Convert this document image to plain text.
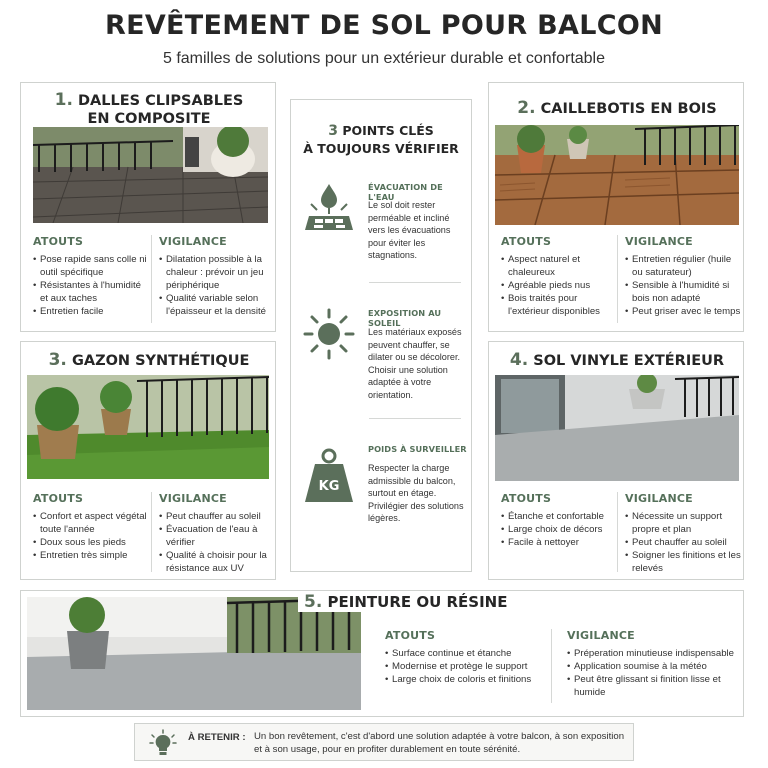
REVÊTEMENT DE SOL POUR BALCON
5 familles de solutions pour un extérieur durable et confortable
1. DALLES CLIPSABLES
EN COMPOSITE
ATOUTS
• Pose rapide sans colle ni outil spécifique
• Résistantes à l'humidité et aux taches
• Entretien facile
VIGILANCE
• Dilatation possible à la chaleur : prévoir un jeu périphérique
• Qualité variable selon l'épaisseur et la densité
2. CAILLEBOTIS EN BOIS
ATOUTS
• Aspect naturel et chaleureux
• Agréable pieds nus
• Bois traités pour l'extérieur disponibles
VIGILANCE
• Entretien régulier (huile ou saturateur)
• Sensible à l'humidité si bois non adapté
• Peut griser avec le temps
3. GAZON SYNTHÉTIQUE
ATOUTS
• Confort et aspect végétal toute l'année
• Doux sous les pieds
• Entretien très simple
VIGILANCE
• Peut chauffer au soleil
• Évacuation de l'eau à vérifier
• Qualité à choisir pour la résistance aux UV
4. SOL VINYLE EXTÉRIEUR
ATOUTS
• Étanche et confortable
• Large choix de décors
• Facile à nettoyer
VIGILANCE
• Nécessite un support propre et plan
• Peut chauffer au soleil
• Soigner les finitions et les relevés
3 POINTS CLÉS
À TOUJOURS VÉRIFIER
ÉVACUATION DE L'EAU

Le sol doit rester perméable et incliné vers les évacuations pour éviter les stagnations.

EXPOSITION AU SOLEIL

Les matériaux exposés peuvent chauffer, se dilater ou se décolorer. Choisir une solution adaptée à votre orientation.

KG
POIDS À SURVEILLER

Respecter la charge admissible du balcon, surtout en étage. Privilégier des solutions légères.

ATOUTS
• Surface continue et étanche
• Modernise et protège le support
• Large choix de coloris et finitions
VIGILANCE
• Préperation minutieuse indispensable
• Application soumise à la météo
• Peut être glissant si finition lisse et humide
5. PEINTURE OU RÉSINE
À RETENIR : Un bon revêtement, c'est d'abord une solution adaptée à votre balcon, à son exposition et à son usage, pour en profiter durablement en toute sérénité.
